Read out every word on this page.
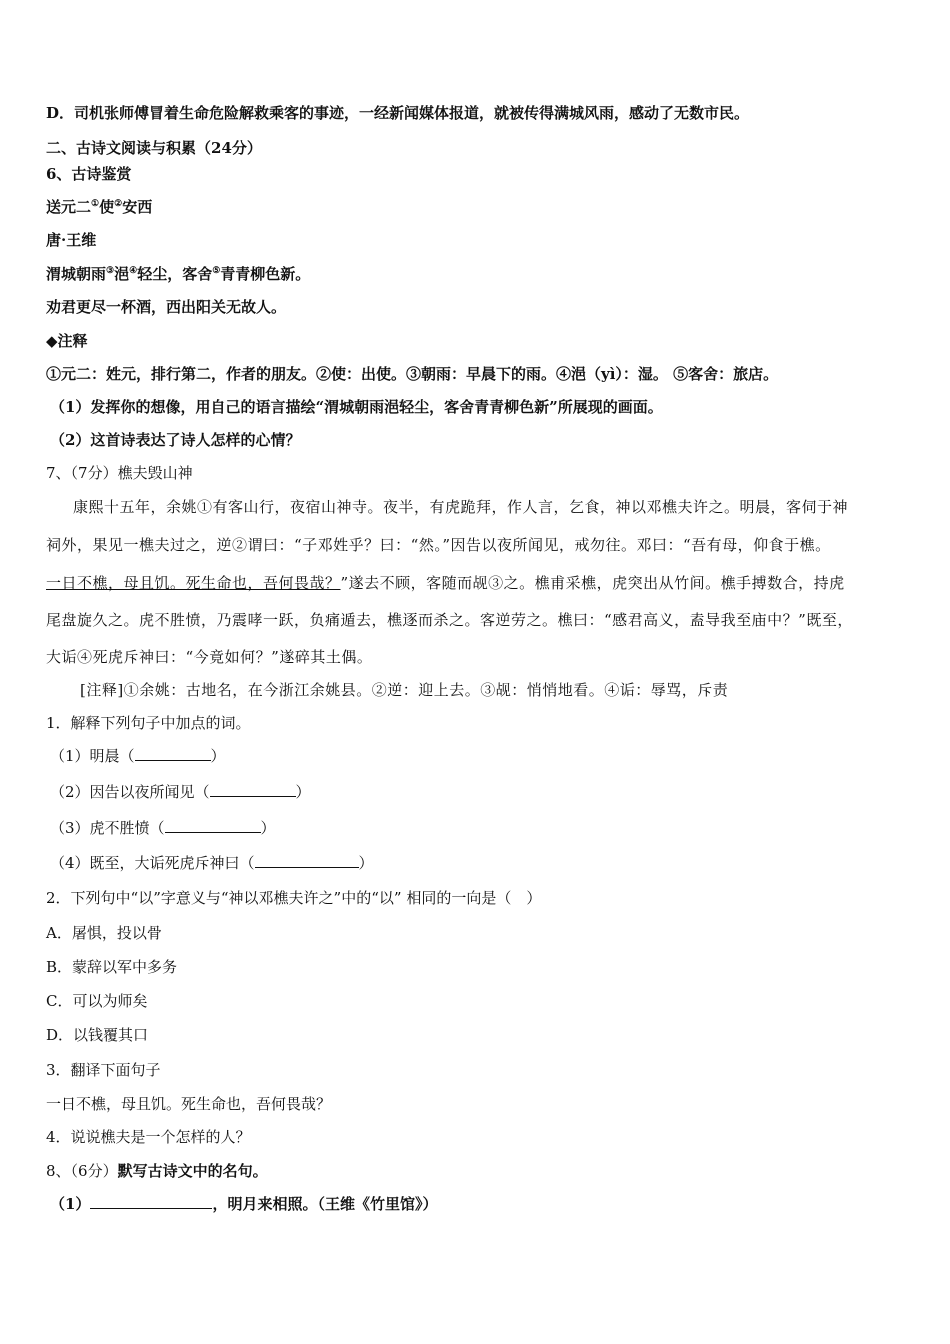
D．司机张师傅冒着生命危险解救乘客的事迹，一经新闻媒体报道，就被传得满城风雨，感动了无数市民。
二、古诗文阅读与积累（24分）
6、古诗鉴赏
送元二①使②安西
唐·王维
渭城朝雨③浥④轻尘，客舍⑤青青柳色新。
劝君更尽一杯酒，西出阳关无故人。
◆注释
①元二：姓元，排行第二，作者的朋友。②使：出使。③朝雨：早晨下的雨。④浥（yì）：湿。 ⑤客舍：旅店。
（1）发挥你的想像，用自己的语言描绘“渭城朝雨浥轻尘，客舍青青柳色新”所展现的画面。
（2）这首诗表达了诗人怎样的心情？
7、（7分）樵夫毁山神
康熙十五年，余姚①有客山行，夜宿山神寺。夜半，有虎跪拜，作人言，乞食，神以邓樵夫许之。明晨，客伺于神
祠外，果见一樵夫过之，逆②谓曰：“子邓姓乎？曰：“然。”因告以夜所闻见，戒勿往。邓曰：“吾有母，仰食于樵。
一日不樵，母且饥。死生命也，吾何畏哉？”遂去不顾，客随而觇③之。樵甫采樵，虎突出从竹间。樵手搏数合，持虎
尾盘旋久之。虎不胜愤，乃震哮一跃，负痛遁去，樵逐而杀之。客逆劳之。樵曰：“感君高义，盍导我至庙中？”既至，
大诟④死虎斥神曰：“今竟如何？”遂碎其土偶。
[注释]①余姚：古地名，在今浙江余姚县。②逆：迎上去。③觇：悄悄地看。④诟：辱骂，斥责
1．解释下列句子中加点的词。
（1）明晨（	）
（2）因告以夜所闻见（	）
（3）虎不胜愤（	）
（4）既至，大诟死虎斥神曰（	）
2．下列句中“以”字意义与“神以邓樵夫许之”中的“以” 相同的一向是（　）
A．屠惧，投以骨
B．蒙辞以军中多务
C．可以为师矣
D．以钱覆其口
3．翻译下面句子
一日不樵，母且饥。死生命也，吾何畏哉？
4．说说樵夫是一个怎样的人？
8、（6分）默写古诗文中的名句。
（1）	，明月来相照。（王维《竹里馆》）
